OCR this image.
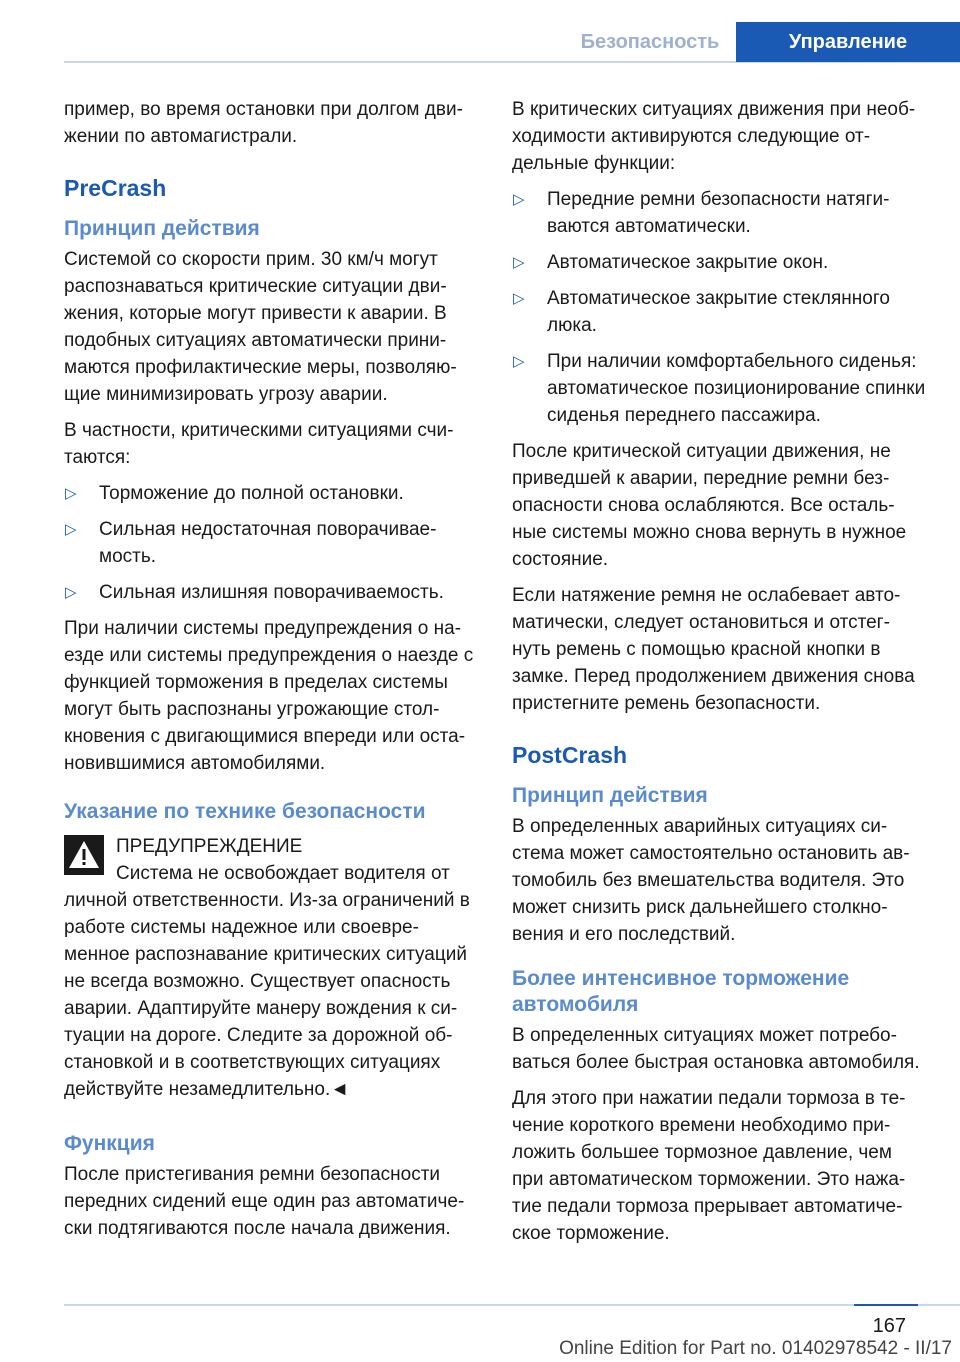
Безопасность	Управление

пример, во время остановки при долгом дви-жении по автомагистрали.

PreCrash
Принцип действия

Системой со скорости прим. 30 км/ч могут распознаваться критические ситуации дви-жения, которые могут привести к аварии. В подобных ситуациях автоматически прини-маются профилактические меры, позволяю-щие минимизировать угрозу аварии.

В частности, критическими ситуациями счи-таются:

▷ Торможение до полной остановки.
▷ Сильная недостаточная поворачивае-мость.
▷ Сильная излишняя поворачиваемость.

При наличии системы предупреждения о на-езде или системы предупреждения о наезде с функцией торможения в пределах системы могут быть распознаны угрожающие стол-кновения с двигающимися впереди или оста-новившимися автомобилями.

Указание по технике безопасности
ПРЕДУПРЕЖДЕНИЕ
Система не освобождает водителя от

личной ответственности. Из-за ограничений в работе системы надежное или своевре-менное распознавание критических ситуаций не всегда возможно. Существует опасность аварии. Адаптируйте манеру вождения к си-туации на дороге. Следите за дорожной об-становкой и в соответствующих ситуациях действуйте незамедлительно.◄

Функция

После пристегивания ремни безопасности передних сидений еще один раз автоматиче-ски подтягиваются после начала движения.

В критических ситуациях движения при необ-ходимости активируются следующие от-дельные функции:

▷ Передние ремни безопасности натяги-ваются автоматически.
▷ Автоматическое закрытие окон.
▷ Автоматическое закрытие стеклянного люка.
▷ При наличии комфортабельного сиденья: автоматическое позиционирование спинки сиденья переднего пассажира.

После критической ситуации движения, не приведшей к аварии, передние ремни без-опасности снова ослабляются. Все осталь-ные системы можно снова вернуть в нужное состояние.

Если натяжение ремня не ослабевает авто-матически, следует остановиться и отстег-нуть ремень с помощью красной кнопки в замке. Перед продолжением движения снова пристегните ремень безопасности.

PostCrash
Принцип действия

В определенных аварийных ситуациях си-стема может самостоятельно остановить ав-томобиль без вмешательства водителя. Это может снизить риск дальнейшего столкно-вения и его последствий.

Более интенсивное торможение автомобиля

В определенных ситуациях может потребо-ваться более быстрая остановка автомобиля.

Для этого при нажатии педали тормоза в те-чение короткого времени необходимо при-ложить большее тормозное давление, чем при автоматическом торможении. Это нажа-тие педали тормоза прерывает автоматиче-ское торможение.

167
Online Edition for Part no. 01402978542 - II/17
